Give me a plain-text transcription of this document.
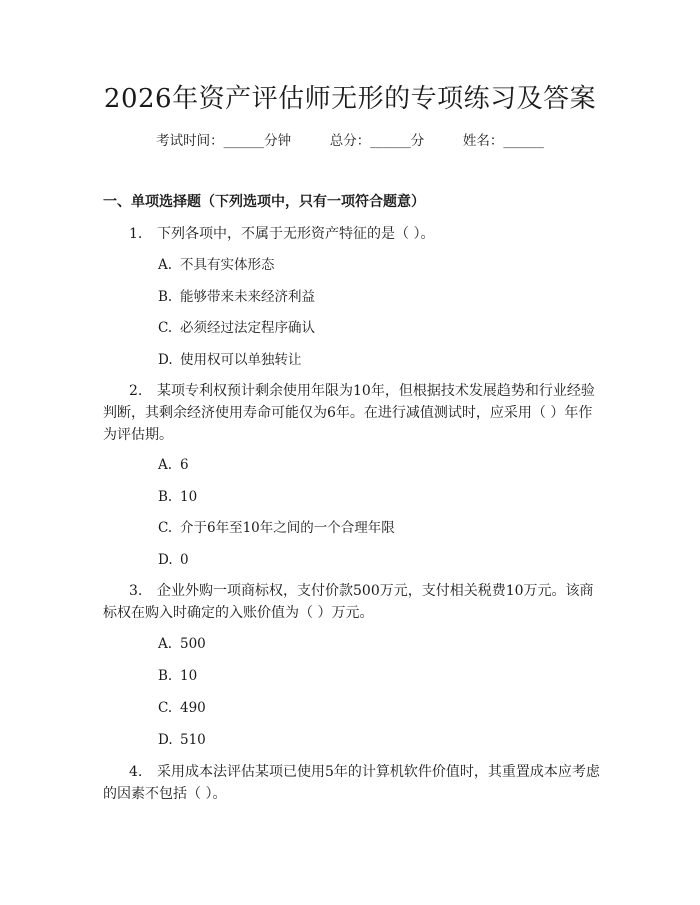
2026年资产评估师无形的专项练习及答案
考试时间：______分钟	总分：______分	姓名：______
一、单项选择题（下列选项中，只有一项符合题意）
1. 下列各项中，不属于无形资产特征的是（ ）。
A. 不具有实体形态
B. 能够带来未来经济利益
C. 必须经过法定程序确认
D. 使用权可以单独转让
2. 某项专利权预计剩余使用年限为10年，但根据技术发展趋势和行业经验
判断，其剩余经济使用寿命可能仅为6年。在进行减值测试时，应采用（ ）年作
为评估期。
A. 6
B. 10
C. 介于6年至10年之间的一个合理年限
D. 0
3. 企业外购一项商标权，支付价款500万元，支付相关税费10万元。该商
标权在购入时确定的入账价值为（ ）万元。
A. 500
B. 10
C. 490
D. 510
4. 采用成本法评估某项已使用5年的计算机软件价值时，其重置成本应考虑
的因素不包括（ ）。
